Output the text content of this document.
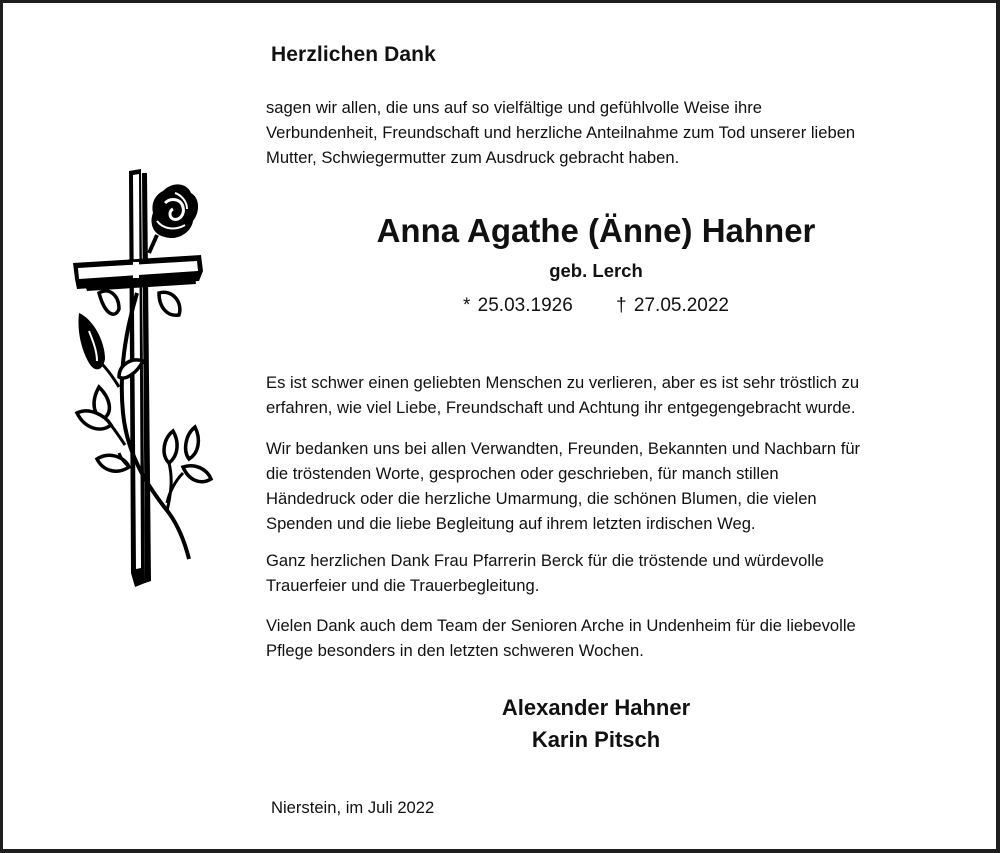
Herzlichen Dank
sagen wir allen, die uns auf so vielfältige und gefühlvolle Weise ihre
Verbundenheit, Freundschaft und herzliche Anteilnahme zum Tod unserer lieben
Mutter, Schwiegermutter zum Ausdruck gebracht haben.
Anna Agathe (Änne) Hahner
geb. Lerch
* 25.03.1926 † 27.05.2022
Es ist schwer einen geliebten Menschen zu verlieren, aber es ist sehr tröstlich zu
erfahren, wie viel Liebe, Freundschaft und Achtung ihr entgegengebracht wurde.
Wir bedanken uns bei allen Verwandten, Freunden, Bekannten und Nachbarn für
die tröstenden Worte, gesprochen oder geschrieben, für manch stillen
Händedruck oder die herzliche Umarmung, die schönen Blumen, die vielen
Spenden und die liebe Begleitung auf ihrem letzten irdischen Weg.
Ganz herzlichen Dank Frau Pfarrerin Berck für die tröstende und würdevolle
Trauerfeier und die Trauerbegleitung.
Vielen Dank auch dem Team der Senioren Arche in Undenheim für die liebevolle
Pflege besonders in den letzten schweren Wochen.
Alexander Hahner
Karin Pitsch
Nierstein, im Juli 2022
